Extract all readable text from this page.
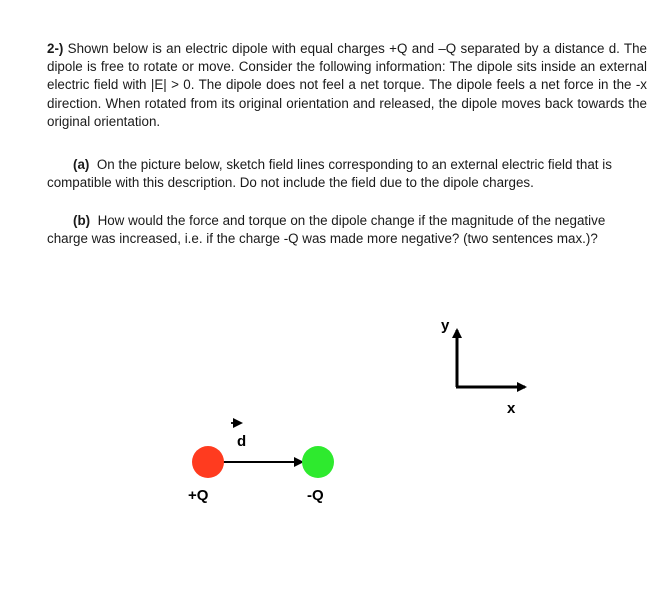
2-) Shown below is an electric dipole with equal charges +Q and –Q separated by a distance d. The dipole is free to rotate or move. Consider the following information: The dipole sits inside an external electric field with |E| > 0. The dipole does not feel a net torque. The dipole feels a net force in the -x direction. When rotated from its original orientation and released, the dipole moves back towards the original orientation.

(a) On the picture below, sketch field lines corresponding to an external electric field that is compatible with this description. Do not include the field due to the dipole charges.

(b) How would the force and torque on the dipole change if the magnitude of the negative charge was increased, i.e. if the charge -Q was made more negative? (two sentences max.)?

y
x
d
+Q	-Q
